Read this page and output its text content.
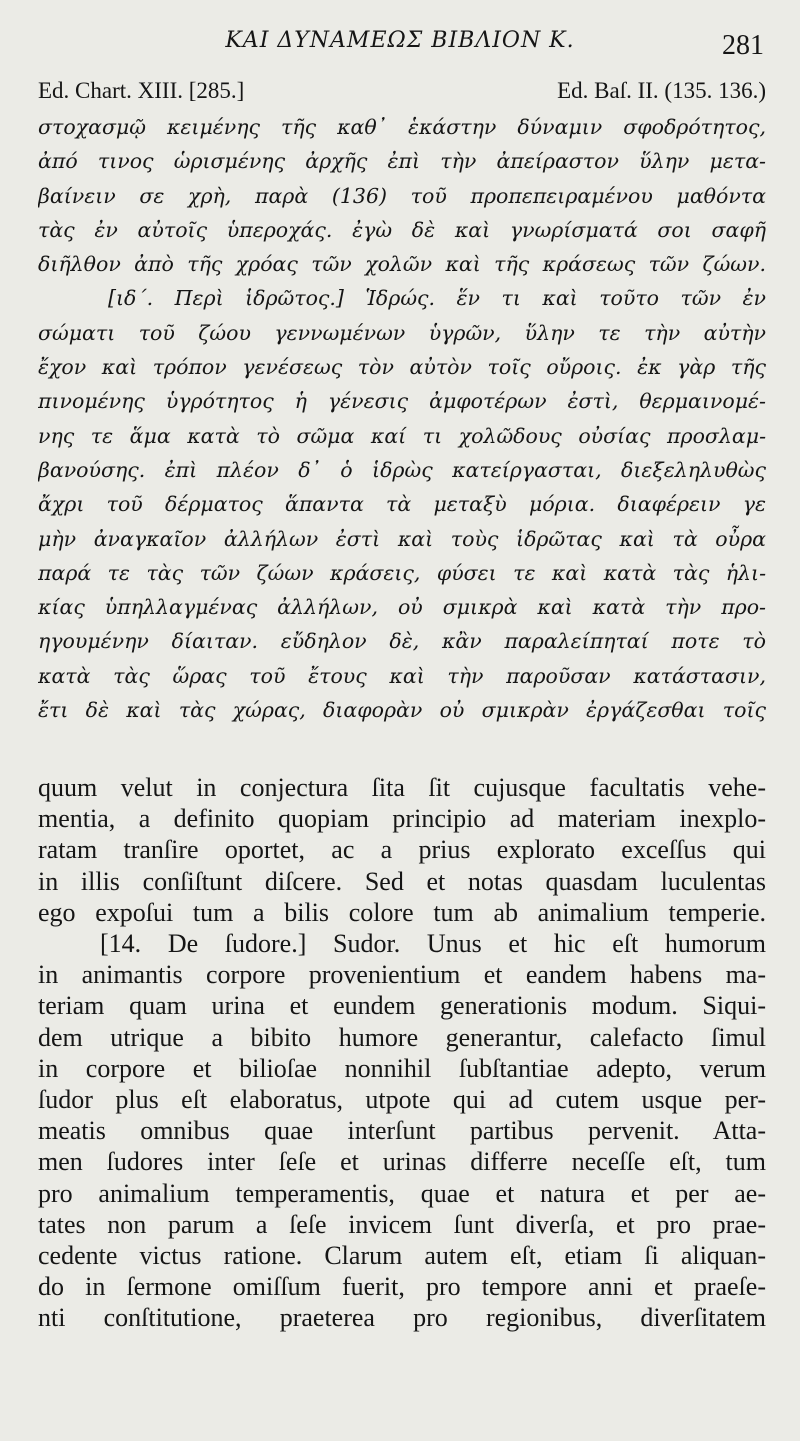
ΚΑΙ ΔΥΝΑΜΕΩΣ ΒΙΒΛΙΟΝ Κ.	281
Ed. Chart. XIII. [285.]	Ed. Baſ. II. (135. 136.)
στοχασμῷ κειμένης τῆς καθ᾽ ἑκάστην δύναμιν σφοδρότητος,
ἀπό τινος ὡρισμένης ἀρχῆς ἐπὶ τὴν ἀπείραστον ὕλην μετα-
βαίνειν σε χρὴ, παρὰ (136) τοῦ προπεπειραμένου μαθόντα
τὰς ἐν αὐτοῖς ὑπεροχάς. ἐγὼ δὲ καὶ γνωρίσματά σοι σαφῆ
διῆλθον ἀπὸ τῆς χρόας τῶν χολῶν καὶ τῆς κράσεως τῶν ζώων.
[ιδ΄. Περὶ ἱδρῶτος.] Ἱδρώς. ἕν τι καὶ τοῦτο τῶν ἐν
σώματι τοῦ ζώου γεννωμένων ὑγρῶν, ὕλην τε τὴν αὐτὴν
ἔχον καὶ τρόπον γενέσεως τὸν αὐτὸν τοῖς οὔροις. ἐκ γὰρ τῆς
πινομένης ὑγρότητος ἡ γένεσις ἀμφοτέρων ἐστὶ, θερμαινομέ-
νης τε ἅμα κατὰ τὸ σῶμα καί τι χολῶδους οὐσίας προσλαμ-
βανούσης. ἐπὶ πλέον δ᾽ ὁ ἱδρὼς κατείργασται, διεξεληλυθὼς
ἄχρι τοῦ δέρματος ἅπαντα τὰ μεταξὺ μόρια. διαφέρειν γε
μὴν ἀναγκαῖον ἀλλήλων ἐστὶ καὶ τοὺς ἱδρῶτας καὶ τὰ οὖρα
παρά τε τὰς τῶν ζώων κράσεις, φύσει τε καὶ κατὰ τὰς ἡλι-
κίας ὑπηλλαγμένας ἀλλήλων, οὐ σμικρὰ καὶ κατὰ τὴν προ-
ηγουμένην δίαιταν. εὔδηλον δὲ, κἂν παραλείπηταί ποτε τὸ
κατὰ τὰς ὥρας τοῦ ἔτους καὶ τὴν παροῦσαν κατάστασιν,
ἔτι δὲ καὶ τὰς χώρας, διαφορὰν οὐ σμικρὰν ἐργάζεσθαι τοῖς
quum velut in conjectura ſita ſit cujusque facultatis vehe-
mentia, a definito quopiam principio ad materiam inexplo-
ratam tranſire oportet, ac a prius explorato exceſſus qui
in illis conſiſtunt diſcere. Sed et notas quasdam luculentas
ego expoſui tum a bilis colore tum ab animalium temperie.
[14. De ſudore.] Sudor. Unus et hic eſt humorum
in animantis corpore provenientium et eandem habens ma-
teriam quam urina et eundem generationis modum. Siqui-
dem utrique a bibito humore generantur, calefacto ſimul
in corpore et bilioſae nonnihil ſubſtantiae adepto, verum
ſudor plus eſt elaboratus, utpote qui ad cutem usque per-
meatis omnibus quae interſunt partibus pervenit. Atta-
men ſudores inter ſeſe et urinas differre neceſſe eſt, tum
pro animalium temperamentis, quae et natura et per ae-
tates non parum a ſeſe invicem ſunt diverſa, et pro prae-
cedente victus ratione. Clarum autem eſt, etiam ſi aliquan-
do in ſermone omiſſum fuerit, pro tempore anni et praeſe-
nti conſtitutione, praeterea pro regionibus, diverſitatem
